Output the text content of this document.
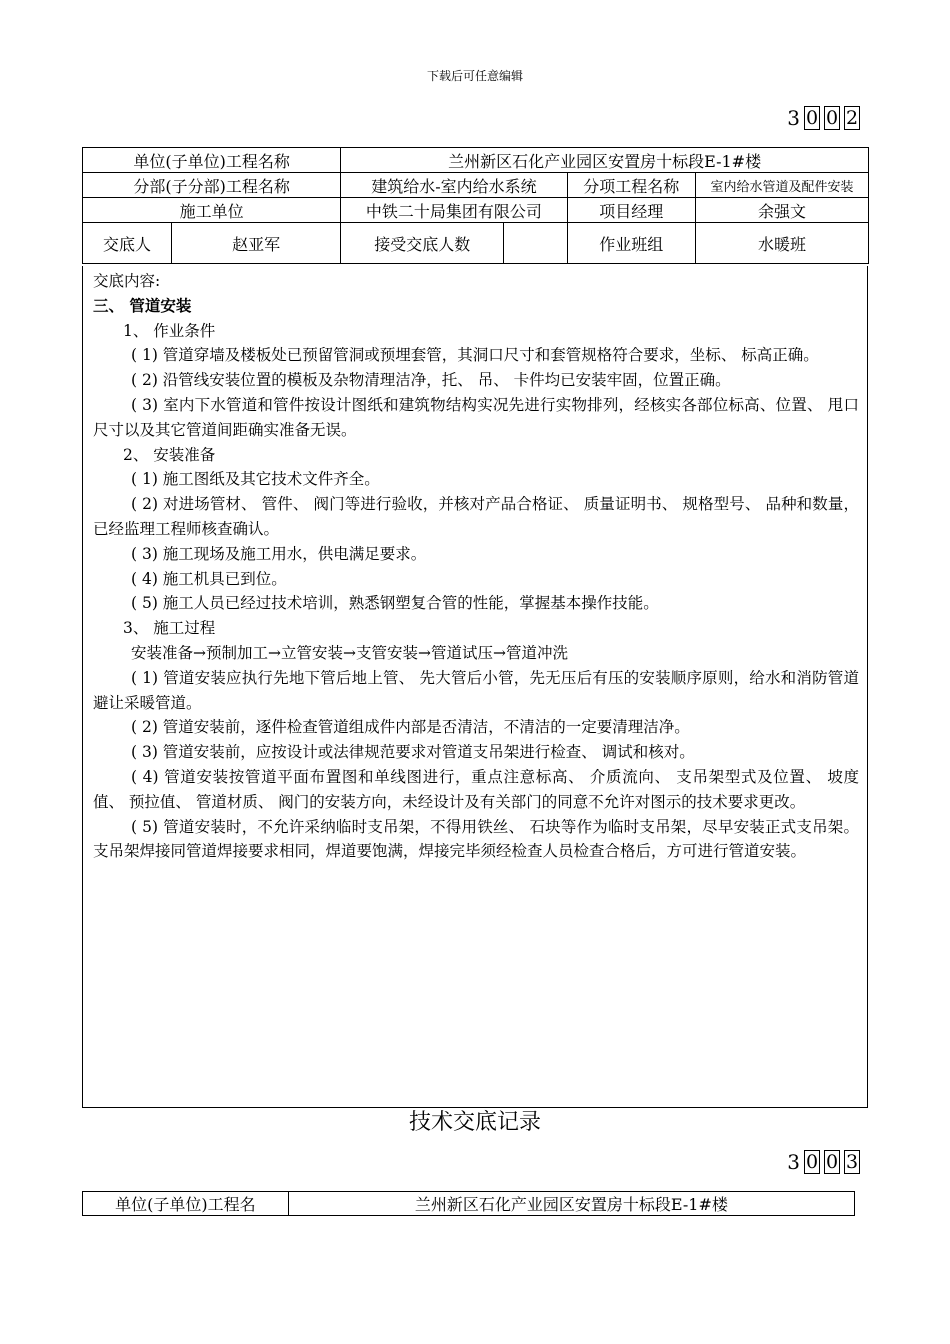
下载后可任意编辑
3 0 0 2
单位(子单位)工程名称		兰州新区石化产业园区安置房十标段E-1#楼			
分部(子分部)工程名称		建筑给水-室内给水系统		分项工程名称	室内给水管道及配件安装
施工单位		中铁二十局集团有限公司		项目经理	余强文
交底人	赵亚军	接受交底人数		作业班组	水暖班

交底内容:

三、 管道安装

1、 作业条件

( 1) 管道穿墙及楼板处已预留管洞或预埋套管，其洞口尺寸和套管规格符合要求，坐标、 标高正确。

( 2) 沿管线安装位置的模板及杂物清理洁净，托、 吊、 卡件均已安装牢固，位置正确。

( 3) 室内下水管道和管件按设计图纸和建筑物结构实况先进行实物排列，经核实各部位标高、位置、 甩口尺寸以及其它管道间距确实准备无误。

2、 安装准备

( 1) 施工图纸及其它技术文件齐全。

( 2) 对进场管材、 管件、 阀门等进行验收，并核对产品合格证、 质量证明书、 规格型号、 品种和数量，已经监理工程师核查确认。

( 3) 施工现场及施工用水，供电满足要求。

( 4) 施工机具已到位。

( 5) 施工人员已经过技术培训，熟悉钢塑复合管的性能，掌握基本操作技能。

3、 施工过程

安装准备→预制加工→立管安装→支管安装→管道试压→管道冲洗

( 1) 管道安装应执行先地下管后地上管、 先大管后小管，先无压后有压的安装顺序原则，给水和消防管道避让采暖管道。

( 2) 管道安装前，逐件检查管道组成件内部是否清洁，不清洁的一定要清理洁净。

( 3) 管道安装前，应按设计或法律规范要求对管道支吊架进行检查、 调试和核对。

( 4) 管道安装按管道平面布置图和单线图进行，重点注意标高、 介质流向、 支吊架型式及位置、 坡度值、 预拉值、 管道材质、 阀门的安装方向，未经设计及有关部门的同意不允许对图示的技术要求更改。

( 5) 管道安装时，不允许采纳临时支吊架，不得用铁丝、 石块等作为临时支吊架，尽早安装正式支吊架。支吊架焊接同管道焊接要求相同，焊道要饱满，焊接完毕须经检查人员检查合格后，方可进行管道安装。

技术交底记录
3 0 0 3
单位(子单位)工程名	兰州新区石化产业园区安置房十标段E-1#楼
